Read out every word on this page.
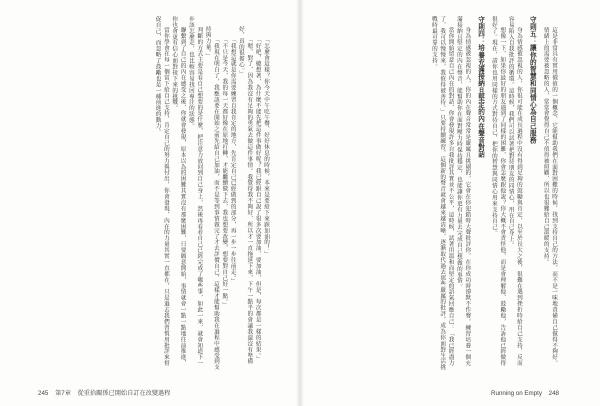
「怎麼會這樣？你今天中午吃午餐、好好休息的時候，本來是要給下來跟加油的！」
「好吧，總想著，為什麼不能先把這件事做好呢？我已經跟自己說了很多次要加油、要加油，但是，每次都是一樣的結果。」
「嗯，對了，因為我沒有足夠的勇氣去做這件事情。我覺得我不夠好，所以才一直拖延下來，下午一點半的會議我還沒有準備好，真的很擔心。」
「我想這就是你需要練習自我肯定的地方，先肯定自己已經做到的部分，再一步一步往前走。」
「不只是今天，我的每一天都好像在原地打轉，才能繼續做下去，我也想要改變，想要對自己好一點。」
「我現在明白了，我應該要在開始之前先給自己加油，而不是等到事情做完了才去評價自己，這樣才能幫助我在過程中感受到支持與力量。」
判斷的方式主要是看自己想要的是什麼，把注意力放回到自己身上，然後再看看自己已經完成了哪些事，如此一來，就會知道下一步該怎麼走，也比較容易找回專注的狀態。
聯繫到了自己的內在感受之後，你就會發現，原本以為的困難其實沒有那麼困難，只要願意開始，事情就會一點一點地往前推進，你也會更有信心面對接下來的挑戰。
當你學會在每一個當下給自己支持，肯定自己的努力與付出，你會發現，內在的力量其實一直都在，只是過去我們習慣用批評來督促自己，而忽略了鼓勵也是一種前進的動力。
245 第7章 從重拾關係已開始自訂在改變過程
這是非常具有實用價值的一個概念，它能幫助我們在面對困難的時候，找到支持自己的方法，而不是一味地責備自己做得不夠好。
情緒上的需要被忽略的人，常常會覺得自己不值得被照顧，所以也很難給自己溫暖的支持。
守則五：讓你的智慧和同情心為自己服務
身為情感被忽視的人，你很可能在成長過程中沒有得到足夠的鼓勵與肯定，以至於長大之後，很難在遇到挫折時給自己支持，反而容易陷入自我批評的循環。這時候，我們可以試著把對待朋友的同情心，用在自己身上。
想像一下，如果你最好的朋友遇到了同樣的困難，你會怎麼跟他說？你大概不會責怪他，而是會理解他、鼓勵他，告訴他已經做得很好了。現在，請你也用同樣的方式對待自己，把你的智慧與同情心用來支持自己。
守則四：培養充滿接納且堅定的內在聲音對話
身為情感被忽視的人，你的內在聲音常常是嚴厲且挑剔的，它會在你犯錯時大聲批評你，在你成功時卻默不作聲。練習培養一個充滿接納且堅定的內在聲音，能幫助你在面對壓力時保持穩定，也能讓你更有力量去完成自己想做的事情。
當你開始留意自己內在的對話，你會發現許多自我批評其實並不公平，這時候，試著用溫和而堅定的語氣回應自己：「我已經盡力了，我可以慢慢來，我值得被善待。」只要持續練習，這個新的聲音就會越來越清晰，逐漸取代過去那些嚴厲的批評，成為你面對生活挑戰時最可靠的支持。
Running on Empty 248
